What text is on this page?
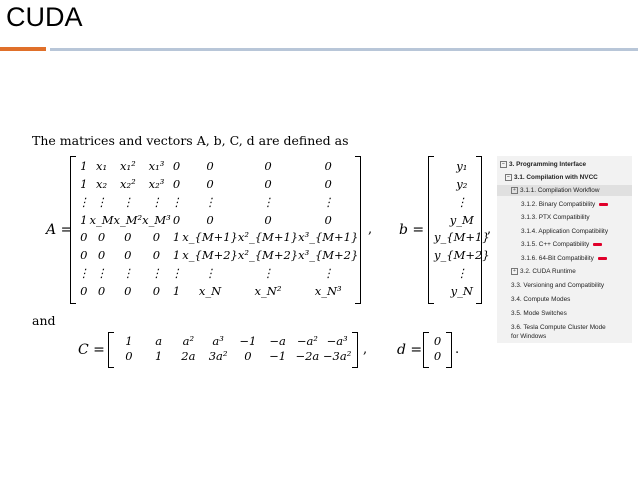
CUDA
The matrices and vectors A, b, C, d are defined as
A =
1 x₁ x₁² x₁³ 0 0	0	0
1 x₂ x₂² x₂³ 0 0	0	0
⋮ ⋮ ⋮ ⋮ ⋮ ⋮	⋮	⋮
1 x_M x_M² x_M³ 0 0	0	0
0 0 0 0 1 x_{M+1} x²_{M+1} x³_{M+1}
0 0 0 0 1 x_{M+2} x²_{M+2} x³_{M+2}
⋮ ⋮ ⋮ ⋮ ⋮ ⋮	⋮	⋮
0 0 0 0 1 x_N	x_N²	x_N³
, b =
y₁
y₂
⋮
y_M
y_{M+1}
y_{M+2}
⋮
y_N
,
and
C =
1 a a² a³ −1 −a −a² −a³
0 1 2a 3a² 0 −1 −2a −3a² , d =
0
0 .
− 3. Programming Interface
− 3.1. Compilation with NVCC
+ 3.1.1. Compilation Workflow
3.1.2. Binary Compatibility
3.1.3. PTX Compatibility
3.1.4. Application Compatibility
3.1.5. C++ Compatibility
3.1.6. 64-Bit Compatibility
+ 3.2. CUDA Runtime
3.3. Versioning and Compatibility
3.4. Compute Modes
3.5. Mode Switches
3.6. Tesla Compute Cluster Mode
for Windows
